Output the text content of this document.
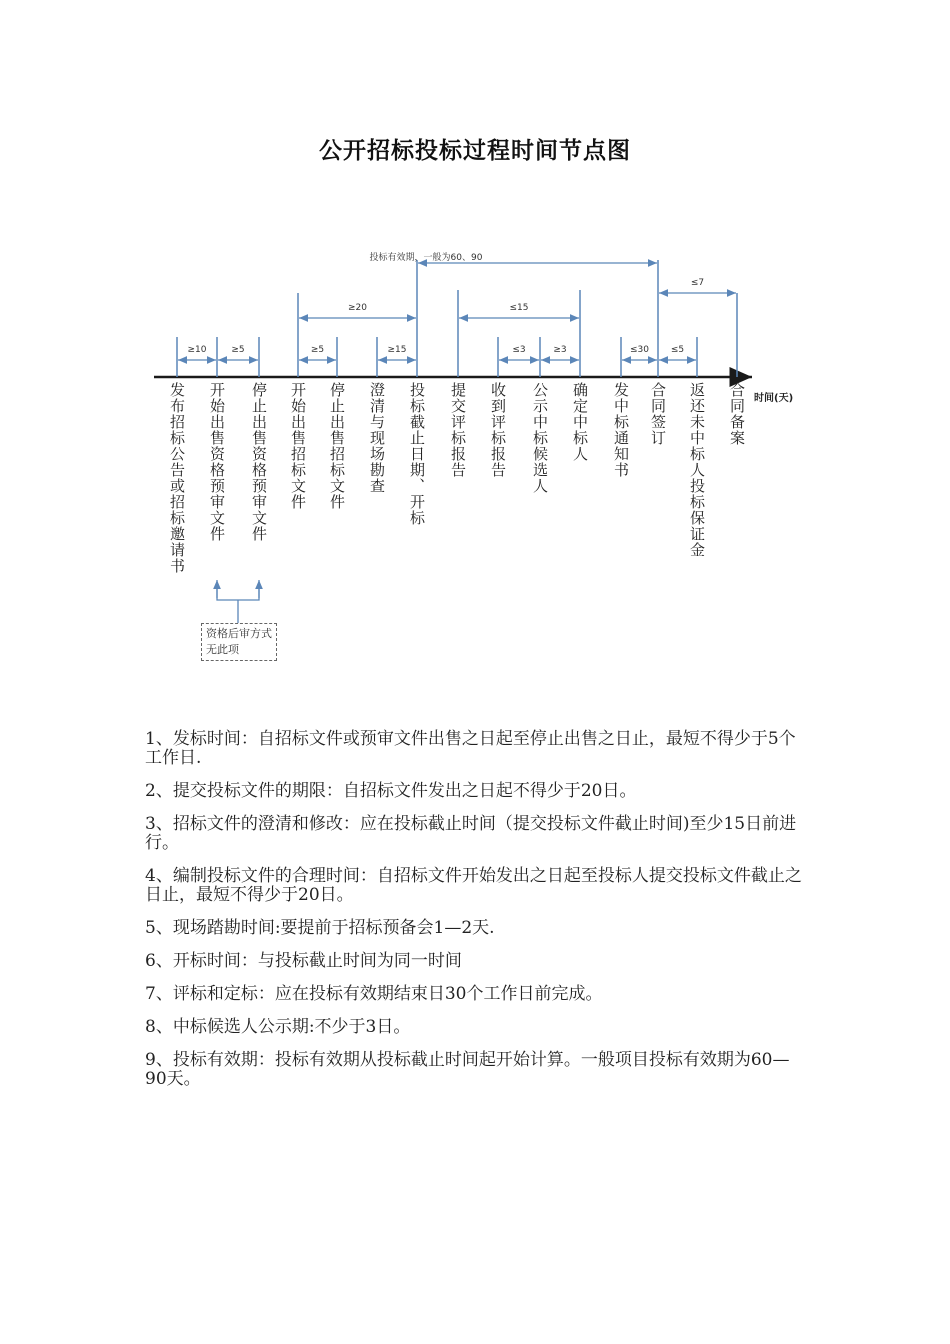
公开招标投标过程时间节点图
发布招标公告或招标邀请书 开始出售资格预审文件 停止出售资格预审文件 开始出售招标文件 停止出售招标文件 澄清与现场勘查 投标截止日期、开标 提交评标报告 收到评标报告 公示中标候选人 确定中标人 发中标通知书 合同签订 返还未中标人投标保证金 合同备案
投标有效期，一般为60、90
≥20	≤15
≤7
≥10	≥5	≥5	≥15	≤3	≥3	≤30 ≤5
时间(天)
资格后审方式无此项

1、发标时间：自招标文件或预审文件出售之日起至停止出售之日止，最短不得少于5个工作日.

2、提交投标文件的期限：自招标文件发出之日起不得少于20日。

3、招标文件的澄清和修改：应在投标截止时间（提交投标文件截止时间)至少15日前进行。

4、编制投标文件的合理时间：自招标文件开始发出之日起至投标人提交投标文件截止之日止，最短不得少于20日。

5、现场踏勘时间:要提前于招标预备会1—2天.

6、开标时间：与投标截止时间为同一时间

7、评标和定标：应在投标有效期结束日30个工作日前完成。

8、中标候选人公示期:不少于3日。

9、投标有效期：投标有效期从投标截止时间起开始计算。一般项目投标有效期为60—90天。
